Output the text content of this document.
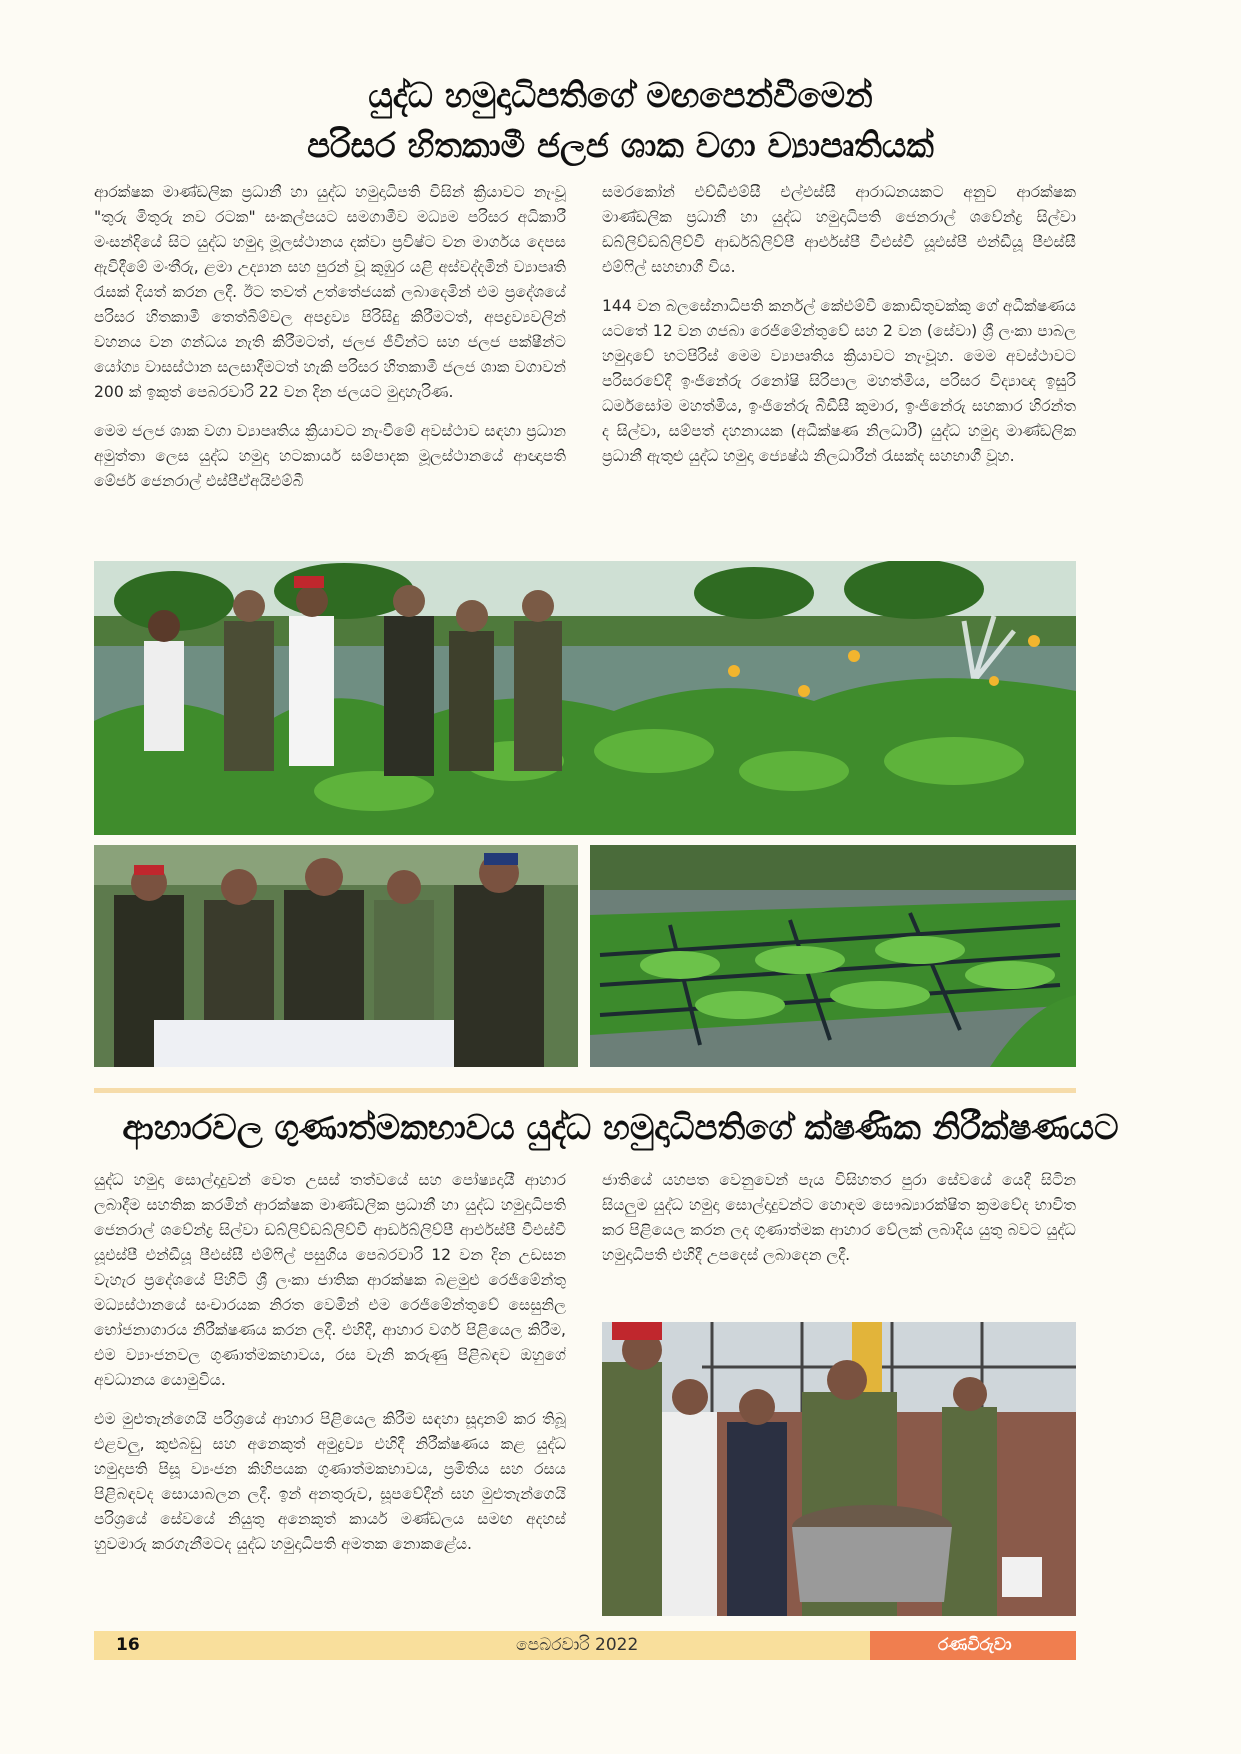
යුද්ධ හමුදාධිපතිගේ මඟපෙන්වීමෙන්
පරිසර හිතකාමී ජලජ ශාක වගා ව්‍යාපෘතියක්

ආරක්ෂක මාණ්ඩලික ප්‍රධානී හා යුද්ධ හමුදාධිපති විසින් ක්‍රියාවට නැංවූ "තුරු මිතුරු නව රටක" සංකල්පයට සමගාමීව මධ්‍යම පරිසර අධිකාරී මංසන්දියේ සිට යුද්ධ හමුදා මූලස්ථානය දක්වා ප්‍රවිෂ්ට වන මාර්ගය දෙපස ඇවිදීමේ මංතීරු, ළමා උද්‍යාන සහ පුරන් වූ කුඹුර යළි අස්වද්දමින් ව්‍යාපෘති රැසක් දියත් කරන ලදී. ඊට තවත් උත්තේජයක් ලබාදෙමින් එම ප්‍රදේශයේ පරිසර හිතකාමී තෙත්බිම්වල අපද්‍රව්‍ය පිරිසිදු කිරීමටත්, අපද්‍රව්‍යවලින් වහනය වන ගන්ධය නැති කිරීමටත්, ජලජ ජීවීන්ට සහ ජලජ පක්ෂීන්ට යෝග්‍ය වාසස්ථාන සලසාදීමටත් හැකි පරිසර හිතකාමී ජලජ ශාක වගාවන් 200 ක් ඉකුත් පෙබරවාරි 22 වන දින ජලයට මුදාහැරිණ.

මෙම ජලජ ශාක වගා ව්‍යාපෘතිය ක්‍රියාවට නැංවීමේ අවස්ථාව සඳහා ප්‍රධාන අමුත්තා ලෙස යුද්ධ හමුදා හටකාර්ය සම්පාදක මූලස්ථානයේ ආඥාපති මේජර් ජෙනරාල් එස්පීඒඅයිඑම්බී

සමරකෝන් එච්ඩීඑම්සී එල්එස්සී ආරාධනයකට අනුව ආරක්ෂක මාණ්ඩලික ප්‍රධානී හා යුද්ධ හමුදාධිපති ජෙනරාල් ශවේන්ද්‍ර සිල්වා ඩබ්ලිව්ඩබ්ලිව්වී ආර්ඩබ්ලිව්පී ආර්එස්පී වීඑස්වී යූඑස්පී එන්ඩීයූ පීඑස්සී එම්ෆිල් සහභාගී විය.

144 වන බලසේනාධිපති කර්නල් කේඑම්වී කොඩිතුවක්කු ගේ අධීක්ෂණය යටතේ 12 වන ගජබා රෙජිමේන්තුවේ සහ 2 වන (සේවා) ශ්‍රී ලංකා පාබල හමුදාවේ භටපිරිස් මෙම ව්‍යාපෘතිය ක්‍රියාවට නැංවූහ. මෙම අවස්ථාවට පරිසරවේදී ඉංජිනේරු රනෝෂි සිරිපාල මහත්මිය, පරිසර විද්‍යාඥ ඉසුරි ධර්මසෝම මහත්මිය, ඉංජිනේරු බීඩීසී කුමාර, ඉංජිනේරු සහකාර හිරන්ත ද සිල්වා, සම්පත් දහනායක (අධීක්ෂණ නිලධාරී) යුද්ධ හමුදා මාණ්ඩලික ප්‍රධානී ඇතුළු යුද්ධ හමුදා ජ්‍යෙෂ්ඨ නිලධාරීන් රැසක්ද සහභාගී වූහ.

ආහාරවල ගුණාත්මකභාවය යුද්ධ හමුදාධිපතිගේ ක්ෂණික නිරීක්ෂණයට

යුද්ධ හමුදා සොල්දාදුවන් වෙත උසස් තත්වයේ සහ පෝෂ්‍යදායී ආහාර ලබාදීම සහතික කරමින් ආරක්ෂක මාණ්ඩලික ප්‍රධානී හා යුද්ධ හමුදාධිපති ජෙනරාල් ශවේන්ද්‍ර සිල්වා ඩබ්ලිව්ඩබ්ලිව්වී ආර්ඩබ්ලිව්පී ආර්එස්පී වීඑස්වී යූඑස්පී එන්ඩීයූ පීඑස්සී එම්ෆිල් පසුගිය පෙබරවාරි 12 වන දින උඩසන වැහැර ප්‍රදේශයේ පිහිටි ශ්‍රී ලංකා ජාතික ආරක්ෂක බළමුළු රෙජිමේන්තු මධ්‍යස්ථානයේ සංචාරයක නිරත වෙමින් එම රෙජිමේන්තුවේ සෙසුනිල භෝජනාගාරය නිරීක්ෂණය කරන ලදී. එහිදී, ආහාර වර්ග පිළියෙල කිරීම, එම ව්‍යාංජනවල ගුණාත්මකභාවය, රස වැනි කරුණු පිළිබඳව ඔහුගේ අවධානය යොමුවිය.

එම මුළුතැන්ගෙයි පරිශ්‍රයේ ආහාර පිළියෙල කිරීම සඳහා සූදානම් කර තිබූ එළවලු, කුළුබඩු සහ අනෙකුත් අමුද්‍රව්‍ය එහිදී නිරීක්ෂණය කළ යුද්ධ හමුදාපති පිසූ ව්‍යංජන කිහිපයක ගුණාත්මකභාවය, ප්‍රමිතිය සහ රසය පිළිබඳවද සොයාබලන ලදී. ඉන් අනතුරුව, සූපවේදීන් සහ මුළුතැන්ගෙයි පරිශ්‍රයේ සේවයේ නියුතු අනෙකුත් කාර්ය මණ්ඩලය සමඟ අදහස් හුවමාරු කරගැනීමටද යුද්ධ හමුදාධිපති අමතක නොකළේය.

ජාතියේ යහපත වෙනුවෙන් පැය විසිහතර පුරා සේවයේ යෙදී සිටින සියලුම යුද්ධ හමුදා සොල්දාදුවන්ට හොඳම සෞඛ්‍යාරක්ෂිත ක්‍රමවේද භාවිත කර පිළියෙල කරන ලද ගුණාත්මක ආහාර වේලක් ලබාදිය යුතු බවට යුද්ධ හමුදාධිපති එහිදී උපදෙස් ලබාදෙන ලදී.

16	පෙබරවාරි 2022	රණවිරුවා
